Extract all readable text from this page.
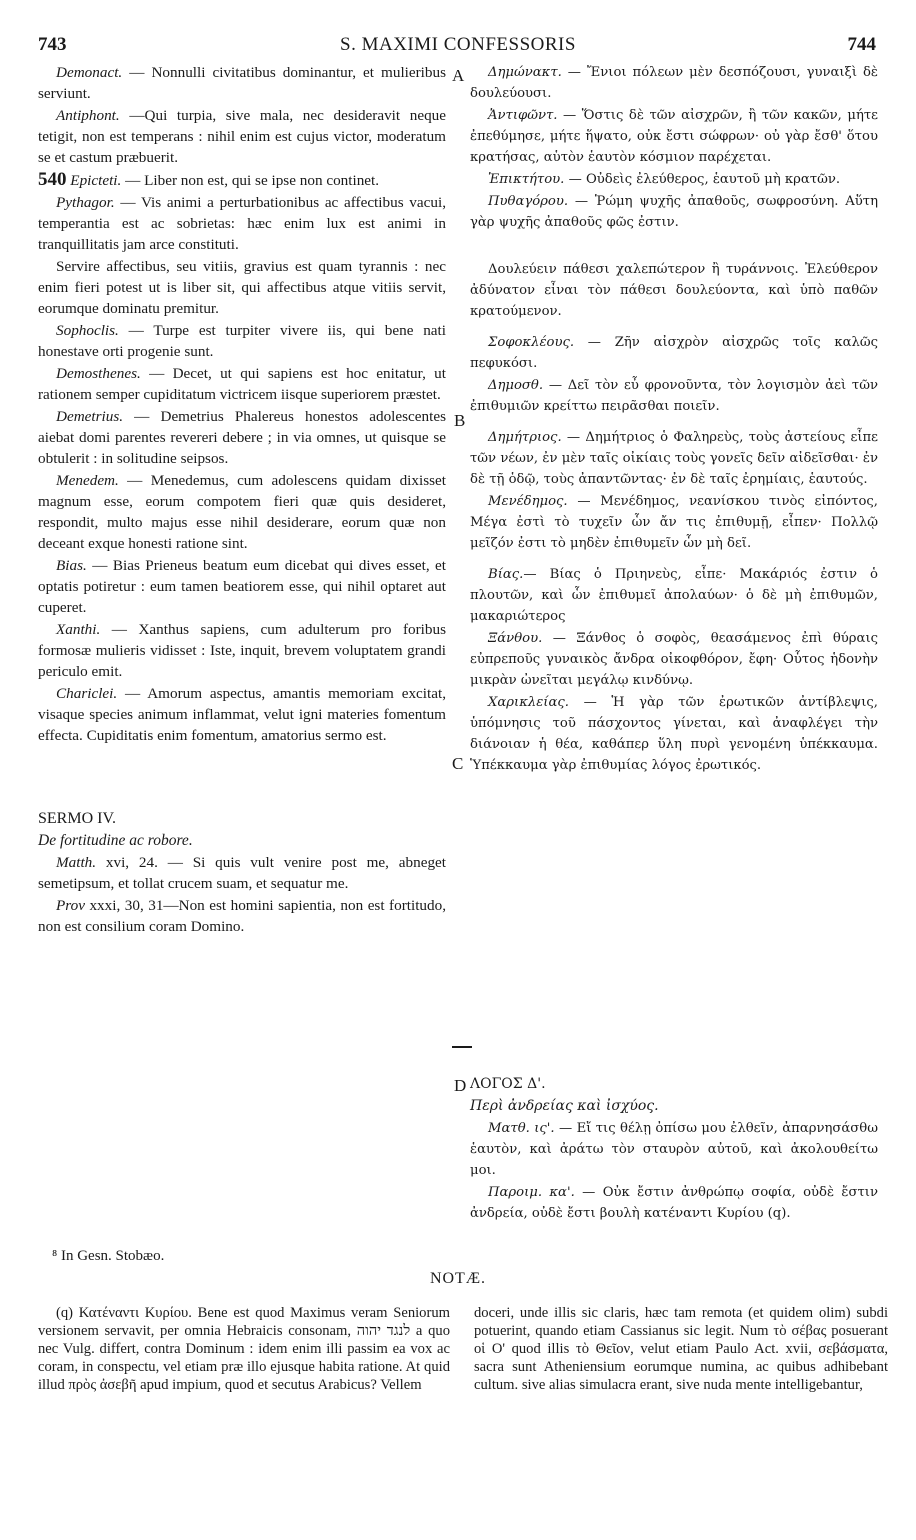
S. MAXIMI CONFESSORIS
743	744
A
B
C
D

Demonact. — Nonnulli civitatibus dominantur, et mulieribus serviunt.

Antiphont. —Qui turpia, sive mala, nec desideravit neque tetigit, non est temperans : nihil enim est cujus victor, moderatum se et castum præbuerit.

540 Epicteti. — Liber non est, qui se ipse non continet.

Pythagor. — Vis animi a perturbationibus ac affectibus vacui, temperantia est ac sobrietas: hæc enim lux est animi in tranquillitatis jam arce constituti.

Servire affectibus, seu vitiis, gravius est quam tyrannis : nec enim fieri potest ut is liber sit, qui affectibus atque vitiis servit, eorumque dominatu premitur.

Sophoclis. — Turpe est turpiter vivere iis, qui bene nati honestave orti progenie sunt.

Demosthenes. — Decet, ut qui sapiens est hoc enitatur, ut rationem semper cupiditatum victricem iisque superiorem præstet.

Demetrius. — Demetrius Phalereus honestos adolescentes aiebat domi parentes revereri debere ; in via omnes, ut quisque se obtulerit : in solitudine seipsos.

Menedem. — Menedemus, cum adolescens quidam dixisset magnum esse, eorum compotem fieri quæ quis desideret, respondit, multo majus esse nihil desiderare, eorum quæ non deceant exque honesti ratione sint.

Bias. — Bias Prieneus beatum eum dicebat qui dives esset, et optatis potiretur : eum tamen beatiorem esse, qui nihil optaret aut cuperet.

Xanthi. — Xanthus sapiens, cum adulterum pro foribus formosæ mulieris vidisset : Iste, inquit, brevem voluptatem grandi periculo emit.

Chariclei. — Amorum aspectus, amantis memoriam excitat, visaque species animum inflammat, velut igni materies fomentum effecta. Cupiditatis enim fomentum, amatorius sermo est.

SERMO IV.

De fortitudine ac robore.

Matth. xvi, 24. — Si quis vult venire post me, abneget semetipsum, et tollat crucem suam, et sequatur me.

Prov xxxi, 30, 31—Non est homini sapientia, non est fortitudo, non est consilium coram Domino.

Δημώνακτ. — Ἔνιοι πόλεων μὲν δεσπόζουσι, γυναιξὶ δὲ δουλεύουσι.

Ἀντιφῶντ. — Ὅστις δὲ τῶν αἰσχρῶν, ἢ τῶν κακῶν, μήτε ἐπεθύμησε, μήτε ἥψατο, οὐκ ἔστι σώφρων· οὐ γὰρ ἔσθ' ὅτου κρατήσας, αὑτὸν ἑαυτὸν κόσμιον παρέχεται.

Ἐπικτήτου. — Οὐδεὶς ἐλεύθερος, ἑαυτοῦ μὴ κρατῶν.

Πυθαγόρου. — Ῥώμη ψυχῆς ἀπαθοῦς, σωφροσύνη. Αὕτη γὰρ ψυχῆς ἀπαθοῦς φῶς ἐστιν.

Δουλεύειν πάθεσι χαλεπώτερον ἢ τυράννοις. Ἐλεύθερον ἀδύνατον εἶναι τὸν πάθεσι δουλεύοντα, καὶ ὑπὸ παθῶν κρατούμενον.

Σοφοκλέους. — Ζῆν αἰσχρὸν αἰσχρῶς τοῖς καλῶς πεφυκόσι.

Δημοσθ. — Δεῖ τὸν εὖ φρονοῦντα, τὸν λογισμὸν ἀεὶ τῶν ἐπιθυμιῶν κρείττω πειρᾶσθαι ποιεῖν.

Δημήτριος. — Δημήτριος ὁ Φαληρεὺς, τοὺς ἀστείους εἶπε τῶν νέων, ἐν μὲν ταῖς οἰκίαις τοὺς γονεῖς δεῖν αἰδεῖσθαι· ἐν δὲ τῇ ὁδῷ, τοὺς ἀπαντῶντας· ἐν δὲ ταῖς ἐρημίαις, ἑαυτούς.

Μενέδημος. — Μενέδημος, νεανίσκου τινὸς εἰπόντος, Μέγα ἐστὶ τὸ τυχεῖν ὧν ἄν τις ἐπιθυμῇ, εἶπεν· Πολλῷ μεῖζόν ἐστι τὸ μηδὲν ἐπιθυμεῖν ὧν μὴ δεῖ.

Βίας.— Βίας ὁ Πριηνεὺς, εἶπε· Μακάριός ἐστιν ὁ πλουτῶν, καὶ ὧν ἐπιθυμεῖ ἀπολαύων· ὁ δὲ μὴ ἐπιθυμῶν, μακαριώτερος

Ξάνθου. — Ξάνθος ὁ σοφὸς, θεασάμενος ἐπὶ θύραις εὐπρεποῦς γυναικὸς ἄνδρα οἰκοφθόρον, ἔφη· Οὗτος ἡδονὴν μικρὰν ὠνεῖται μεγάλῳ κινδύνῳ.

Χαρικλείας. — Ἡ γὰρ τῶν ἐρωτικῶν ἀντίβλεψις, ὑπόμνησις τοῦ πάσχοντος γίνεται, καὶ ἀναφλέγει τὴν διάνοιαν ἡ θέα, καθάπερ ὕλη πυρὶ γενομένη ὑπέκκαυμα. Ὑπέκκαυμα γὰρ ἐπιθυμίας λόγος ἐρωτικός.

ΛΟΓΟΣ Δ'.

Περὶ ἀνδρείας καὶ ἰσχύος.

Ματθ. ις'. — Εἴ τις θέλῃ ὀπίσω μου ἐλθεῖν, ἀπαρνησάσθω ἑαυτὸν, καὶ ἀράτω τὸν σταυρὸν αὐτοῦ, καὶ ἀκολουθείτω μοι.

Παροιμ. κα'. — Οὐκ ἔστιν ἀνθρώπῳ σοφία, οὐδὲ ἔστιν ἀνδρεία, οὐδὲ ἔστι βουλὴ κατέναντι Κυρίου (q).

⁸ In Gesn. Stobæo.
NOTÆ.

(q) Κατέναντι Κυρίου. Bene est quod Maximus veram Seniorum versionem servavit, per omnia Hebraicis consonam, לנגד יהוה a quo nec Vulg. differt, contra Dominum : idem enim illi passim ea vox ac coram, in conspectu, vel etiam præ illo ejusque habita ratione. At quid illud πρὸς ἀσεβῆ apud impium, quod et secutus Arabicus? Vellem

doceri, unde illis sic claris, hæc tam remota (et quidem olim) subdi potuerint, quando etiam Cassianus sic legit. Num τὸ σέβας posuerant οἱ Ο' quod illis τὸ Θεῖον, velut etiam Paulo Act. xvii, σεβάσματα, sacra sunt Atheniensium eorumque numina, ac quibus adhibebant cultum. sive alias simulacra erant, sive nuda mente intelligebantur,
